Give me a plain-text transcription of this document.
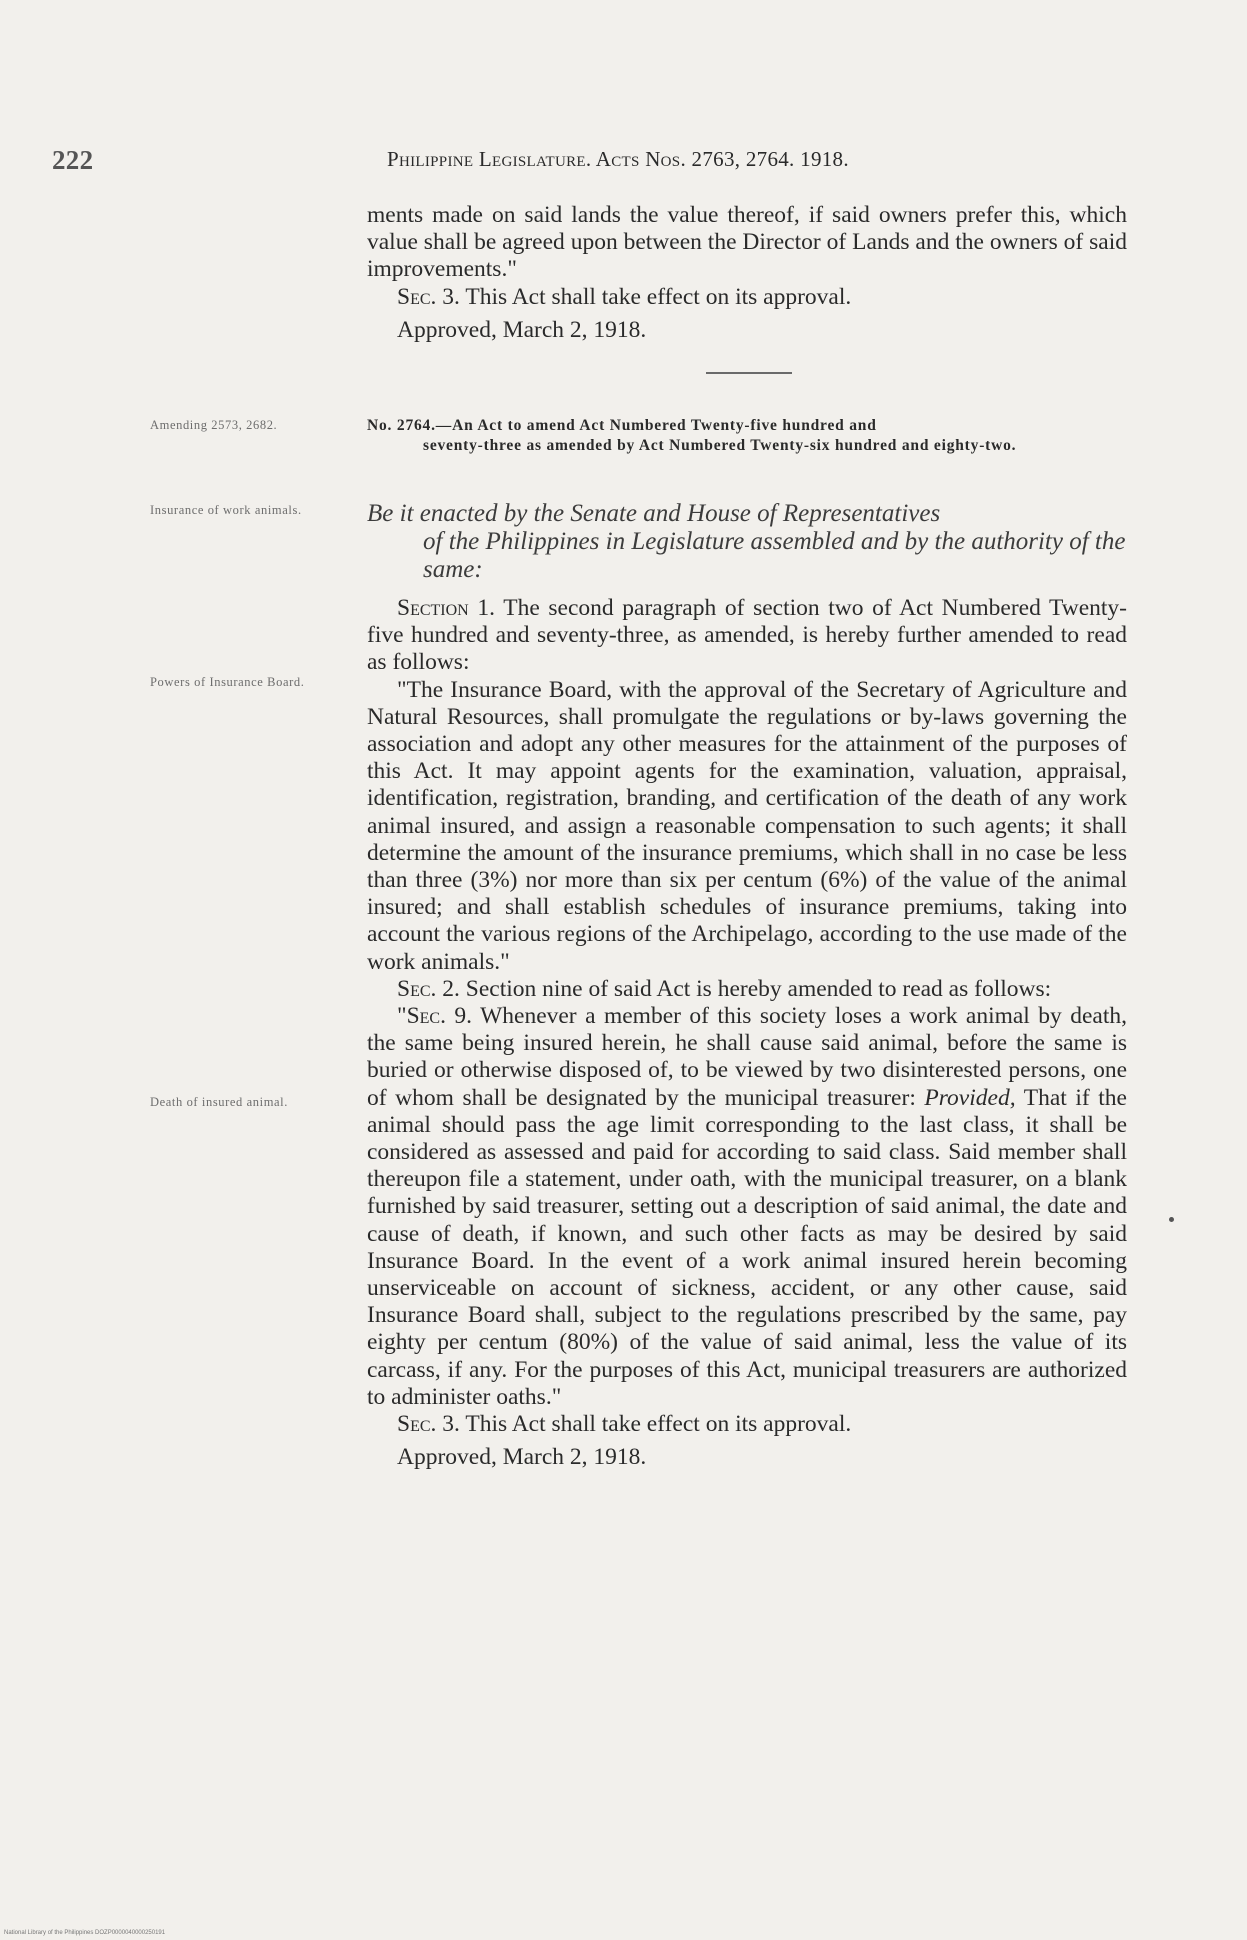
222	Philippine Legislature. Acts Nos. 2763, 2764. 1918.

ments made on said lands the value thereof, if said owners prefer this, which value shall be agreed upon between the Director of Lands and the owners of said improvements."

Sec. 3. This Act shall take effect on its approval.

Approved, March 2, 1918.

Amending 2573, 2682.	No. 2764.—An Act to amend Act Numbered Twenty-five hundred and
seventy-three as amended by Act Numbered Twenty-six hundred and eighty-two.
Insurance of work animals.	Be it enacted by the Senate and House of Representatives
of the Philippines in Legislature assembled and by the authority of the same:
Powers of Insurance Board.
Death of insured animal.

Section 1. The second paragraph of section two of Act Numbered Twenty-five hundred and seventy-three, as amended, is hereby further amended to read as follows:

"The Insurance Board, with the approval of the Secretary of Agriculture and Natural Resources, shall promulgate the regulations or by-laws governing the association and adopt any other measures for the attainment of the purposes of this Act. It may appoint agents for the examination, valuation, appraisal, identification, registration, branding, and certification of the death of any work animal insured, and assign a reasonable compensation to such agents; it shall determine the amount of the insurance premiums, which shall in no case be less than three (3%) nor more than six per centum (6%) of the value of the animal insured; and shall establish schedules of insurance premiums, taking into account the various regions of the Archipelago, according to the use made of the work animals."

Sec. 2. Section nine of said Act is hereby amended to read as follows:

"Sec. 9. Whenever a member of this society loses a work animal by death, the same being insured herein, he shall cause said animal, before the same is buried or otherwise disposed of, to be viewed by two disinterested persons, one of whom shall be designated by the municipal treasurer: Provided, That if the animal should pass the age limit corresponding to the last class, it shall be considered as assessed and paid for according to said class. Said member shall thereupon file a statement, under oath, with the municipal treasurer, on a blank furnished by said treasurer, setting out a description of said animal, the date and cause of death, if known, and such other facts as may be desired by said Insurance Board. In the event of a work animal insured herein becoming unserviceable on account of sickness, accident, or any other cause, said Insurance Board shall, subject to the regulations prescribed by the same, pay eighty per centum (80%) of the value of said animal, less the value of its carcass, if any. For the purposes of this Act, municipal treasurers are authorized to administer oaths."

Sec. 3. This Act shall take effect on its approval.

Approved, March 2, 1918.

National Library of the Philippines DOZP0000040000250191
